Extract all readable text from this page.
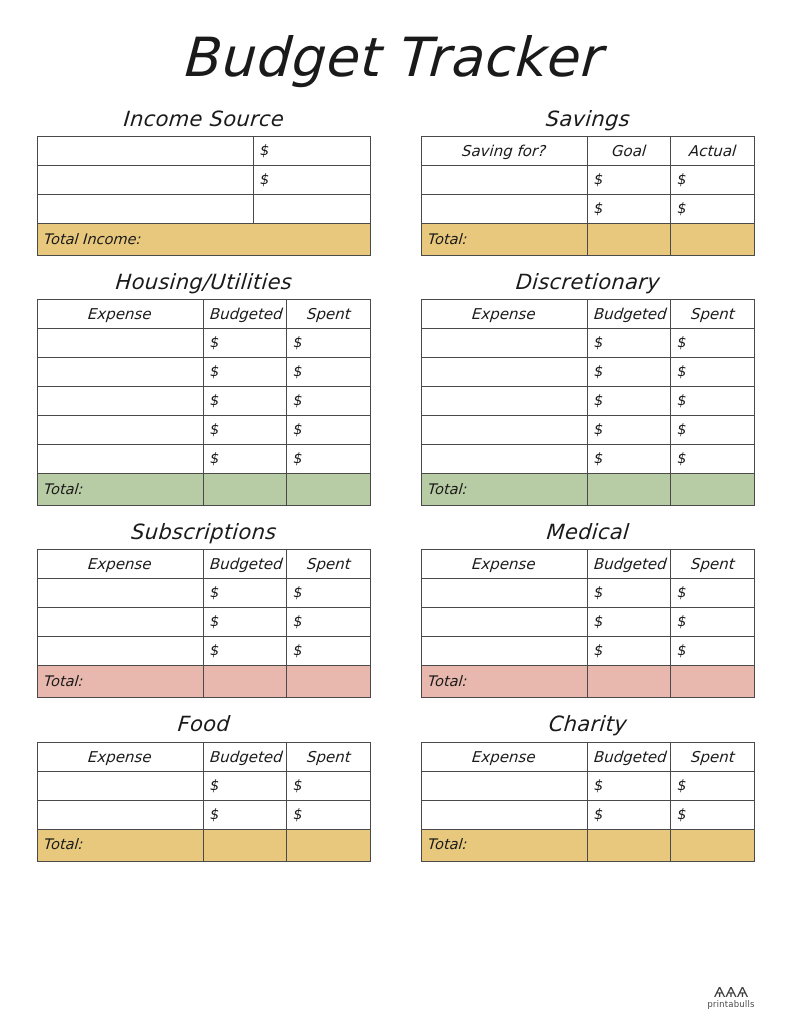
Budget Tracker
Income Source
	$
	$

Total Income:	
Savings
Saving for?	Goal	Actual
	$	$
	$	$
Total:		
Housing/Utilities
Expense	Budgeted	Spent
	$	$
	$	$
	$	$
	$	$
	$	$
Total:		
Discretionary
Expense	Budgeted	Spent
	$	$
	$	$
	$	$
	$	$
	$	$
Total:		
Subscriptions
Expense	Budgeted	Spent
	$	$
	$	$
	$	$
Total:		
Medical
Expense	Budgeted	Spent
	$	$
	$	$
	$	$
Total:		
Food
Expense	Budgeted	Spent
	$	$
	$	$
Total:		
Charity
Expense	Budgeted	Spent
	$	$
	$	$
Total:		
ѦѦѦ
printabulls
